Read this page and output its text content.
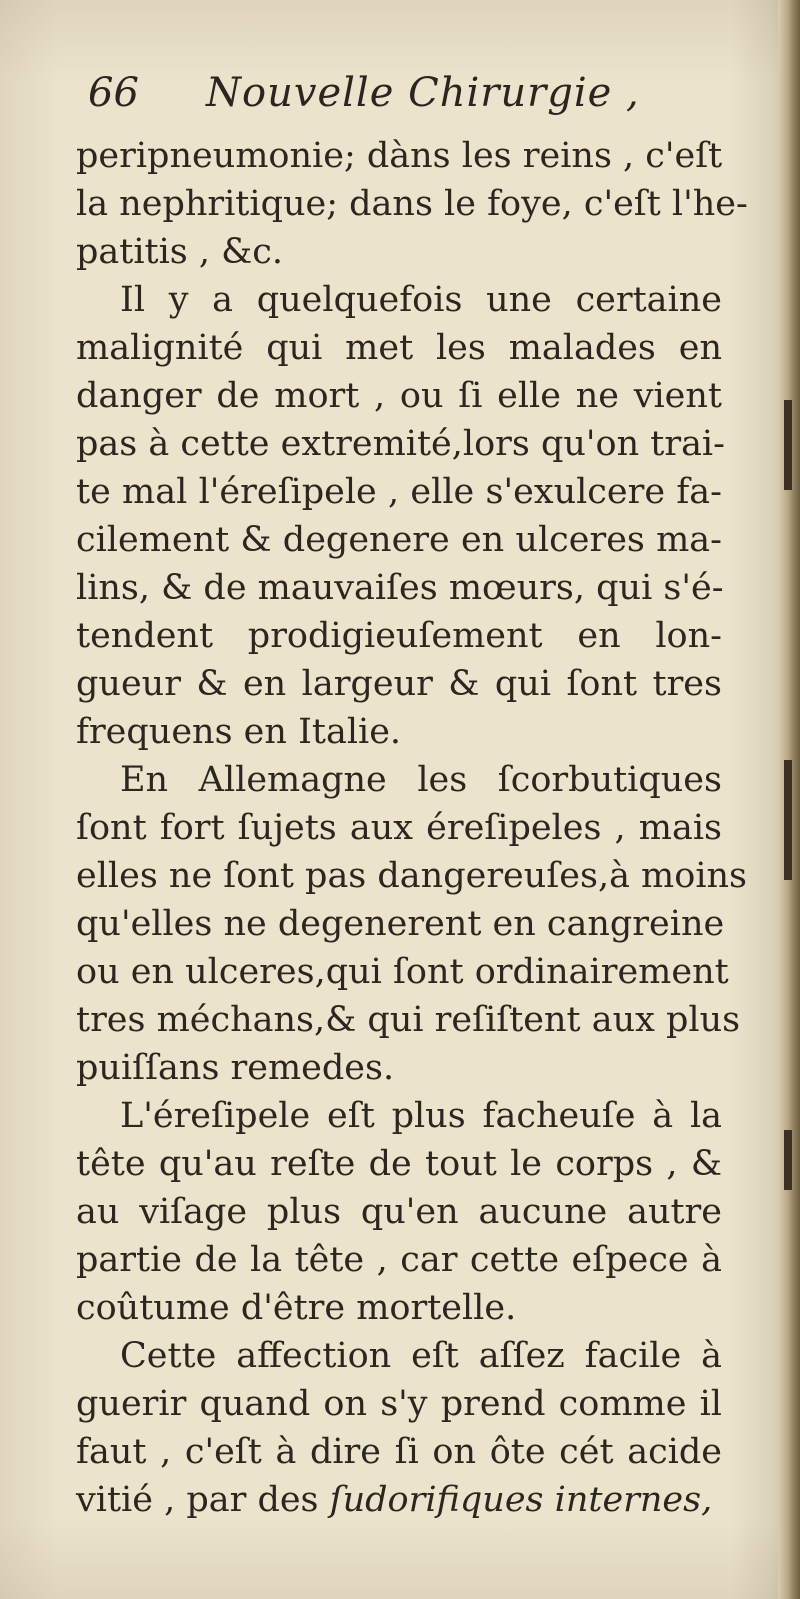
66 Nouvelle Chirurgie ,
peripneumonie; dàns les reins , c'eſt
la nephritique; dans le foye, c'eſt l'he-
patitis , &c.
Il y a quelquefois une certaine
malignité qui met les malades en
danger de mort , ou ſi elle ne vient
pas à cette extremité,lors qu'on trai-
te mal l'éreſipele , elle s'exulcere fa-
cilement & degenere en ulceres ma-
lins, & de mauvaiſes mœurs, qui s'é-
tendent prodigieuſement en lon-
gueur & en largeur & qui ſont tres
frequens en Italie.
En Allemagne les ſcorbutiques
ſont fort ſujets aux éreſipeles , mais
elles ne ſont pas dangereuſes,à moins
qu'elles ne degenerent en cangreine
ou en ulceres,qui ſont ordinairement
tres méchans,& qui reſiſtent aux plus
puiſſans remedes.
L'éreſipele eſt plus facheuſe à la
tête qu'au reſte de tout le corps , &
au viſage plus qu'en aucune autre
partie de la tête , car cette eſpece à
coûtume d'être mortelle.
Cette affection eſt aſſez facile à
guerir quand on s'y prend comme il
faut , c'eſt à dire ſi on ôte cét acide
vitié , par des ſudorifiques internes,
